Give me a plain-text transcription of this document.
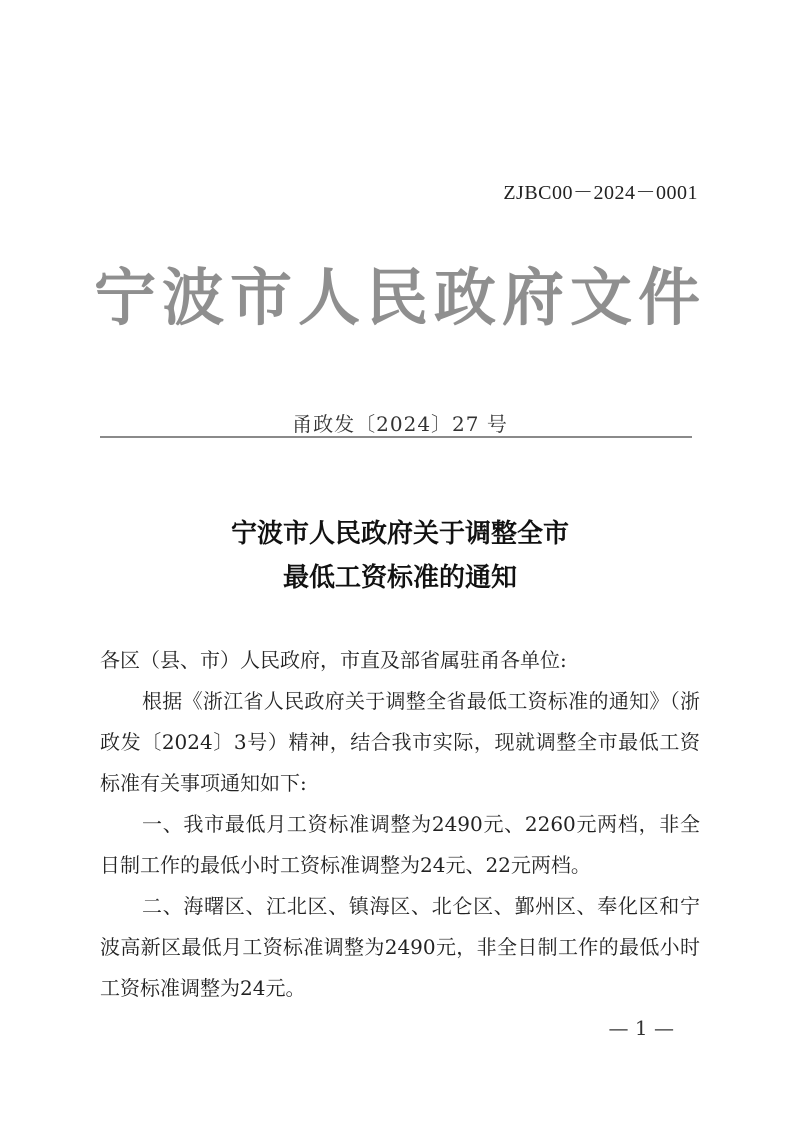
ZJBC00－2024－0001
宁波市人民政府文件
甬政发〔2024〕27 号
宁波市人民政府关于调整全市
最低工资标准的通知

各区（县、市）人民政府，市直及部省属驻甬各单位:

根据《浙江省人民政府关于调整全省最低工资标准的通知》（浙政发〔2024〕3号）精神，结合我市实际，现就调整全市最低工资标准有关事项通知如下:

一、我市最低月工资标准调整为2490元、2260元两档，非全日制工作的最低小时工资标准调整为24元、22元两档。

二、海曙区、江北区、镇海区、北仑区、鄞州区、奉化区和宁波高新区最低月工资标准调整为2490元，非全日制工作的最低小时工资标准调整为24元。

— 1 —
